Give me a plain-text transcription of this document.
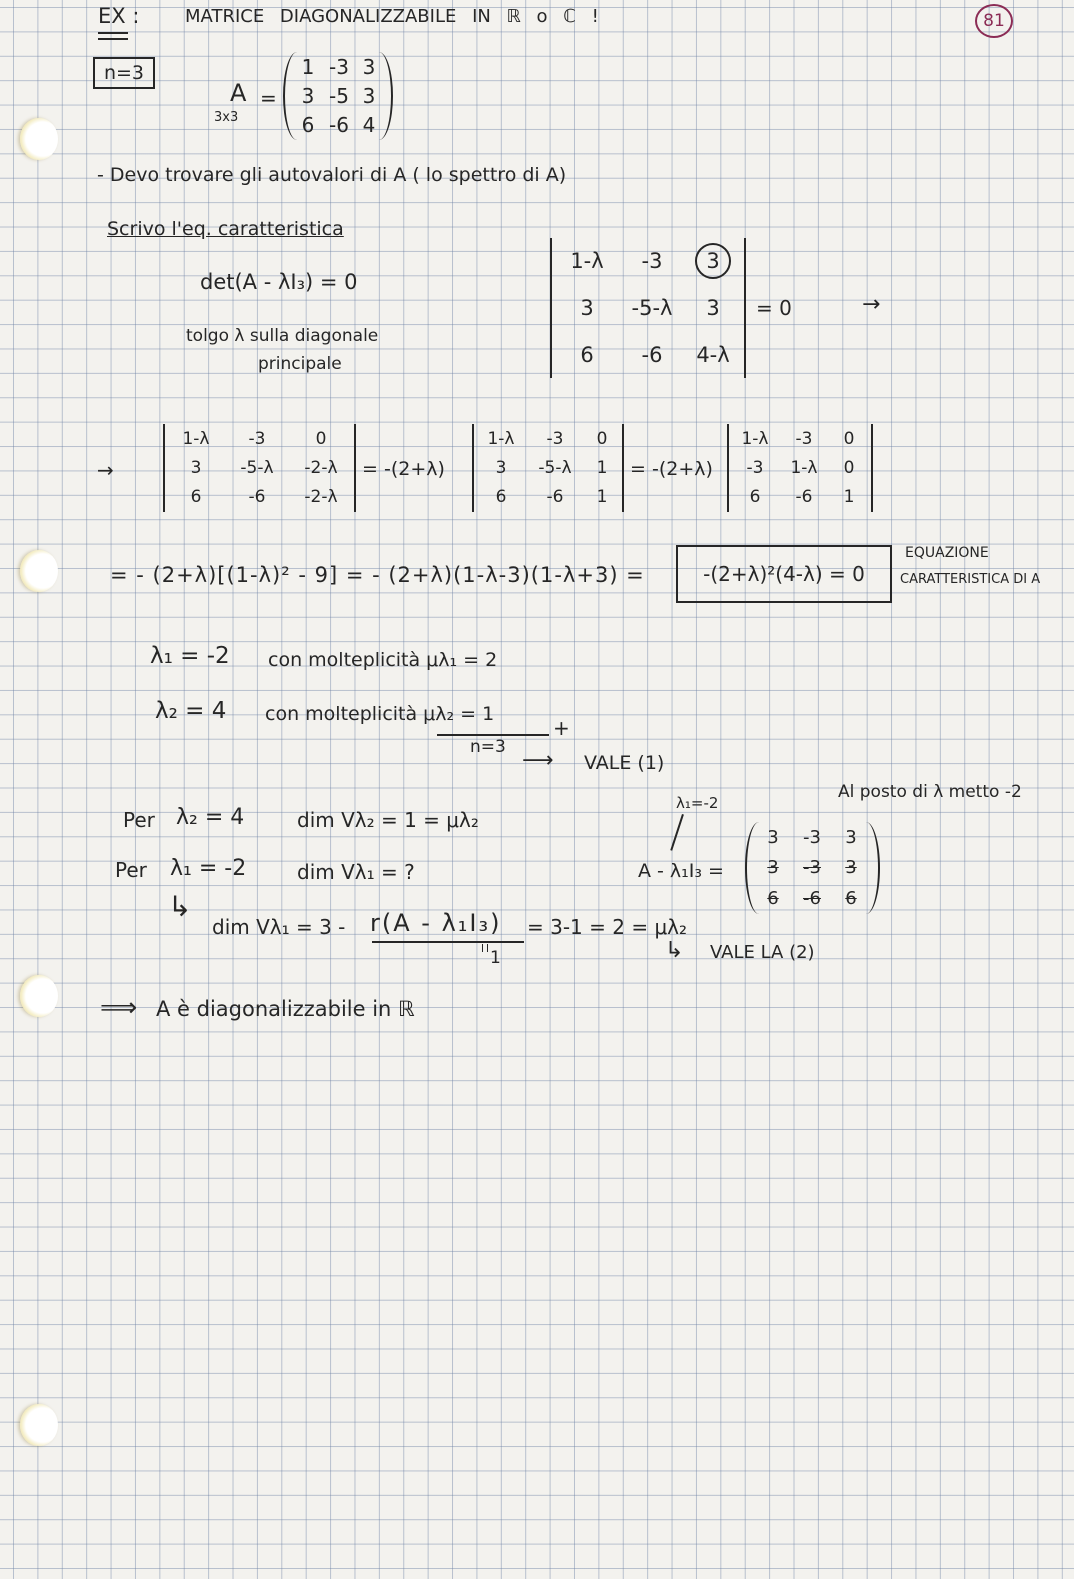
81
EX :	MATRICE DIAGONALIZZABILE IN ℝ o ℂ !
n=3
A
3x3
=
1 -3 3
3 -5 3
6 -6 4
- Devo trovare gli autovalori di A ( lo spettro di A)
Scrivo l'eq. caratteristica
det(A - λI₃) = 0
tolgo λ sulla diagonale
principale
1-λ	-3	3
3	-5-λ	3
6	-6	4-λ
= 0	→
→
1-λ	-3	0
3	-5-λ	-2-λ
6	-6	-2-λ
= -(2+λ)
1-λ	-3	0
3	-5-λ	1
6	-6	1
= -(2+λ)
1-λ	-3	0
-3	1-λ	0
6	-6	1
= - (2+λ)[(1-λ)² - 9] = - (2+λ)(1-λ-3)(1-λ+3) =	-(2+λ)²(4-λ) = 0
EQUAZIONE
CARATTERISTICA DI A
λ₁ = -2 con molteplicità μλ₁ = 2
λ₂ = 4 con molteplicità μλ₂ = 1
+
n=3
⟶ VALE (1)
Al posto di λ metto -2
λ₁=-2
Per λ₂ = 4	dim Vλ₂ = 1 = μλ₂
Per λ₁ = -2	dim Vλ₁ = ?	A - λ₁I₃ =
3	-3	3
3	-3	3
6	-6	6
↳
dim Vλ₁ = 3 - r(A - λ₁I₃)
1
= 3-1 = 2 = μλ₂
↳ VALE LA (2)
⟹ A è diagonalizzabile in ℝ
